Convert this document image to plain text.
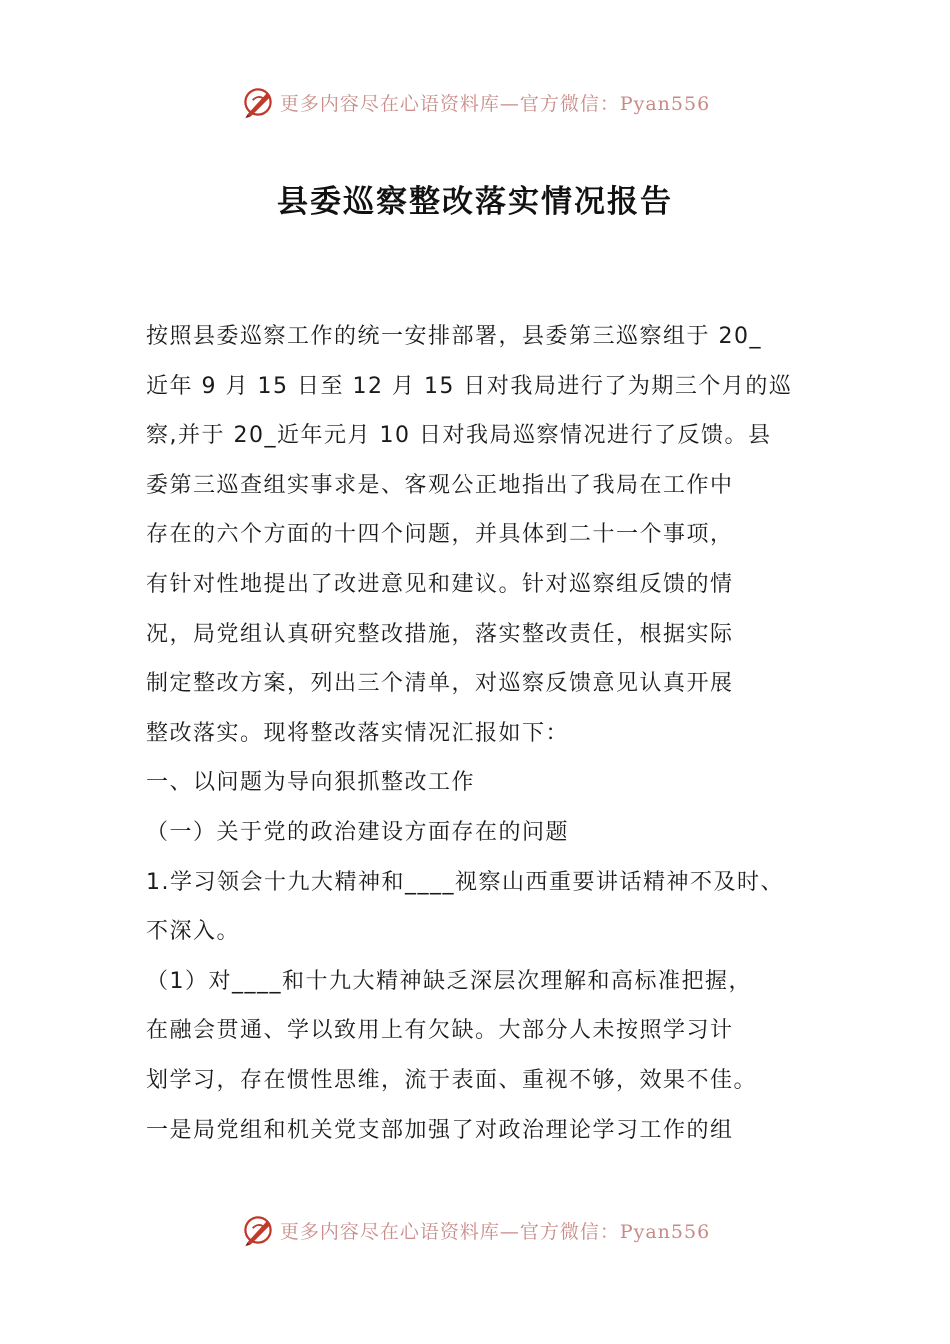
更多内容尽在心语资料库—官方微信：Pyan556
县委巡察整改落实情况报告
按照县委巡察工作的统一安排部署，县委第三巡察组于 20_
近年 9 月 15 日至 12 月 15 日对我局进行了为期三个月的巡
察,并于 20_近年元月 10 日对我局巡察情况进行了反馈。县
委第三巡查组实事求是、客观公正地指出了我局在工作中
存在的六个方面的十四个问题，并具体到二十一个事项，
有针对性地提出了改进意见和建议。针对巡察组反馈的情
况，局党组认真研究整改措施，落实整改责任，根据实际
制定整改方案，列出三个清单，对巡察反馈意见认真开展
整改落实。现将整改落实情况汇报如下：
一、以问题为导向狠抓整改工作
（一）关于党的政治建设方面存在的问题
1.学习领会十九大精神和____视察山西重要讲话精神不及时、
不深入。
（1）对____和十九大精神缺乏深层次理解和高标准把握，
在融会贯通、学以致用上有欠缺。大部分人未按照学习计
划学习，存在惯性思维，流于表面、重视不够，效果不佳。
一是局党组和机关党支部加强了对政治理论学习工作的组
更多内容尽在心语资料库—官方微信：Pyan556
